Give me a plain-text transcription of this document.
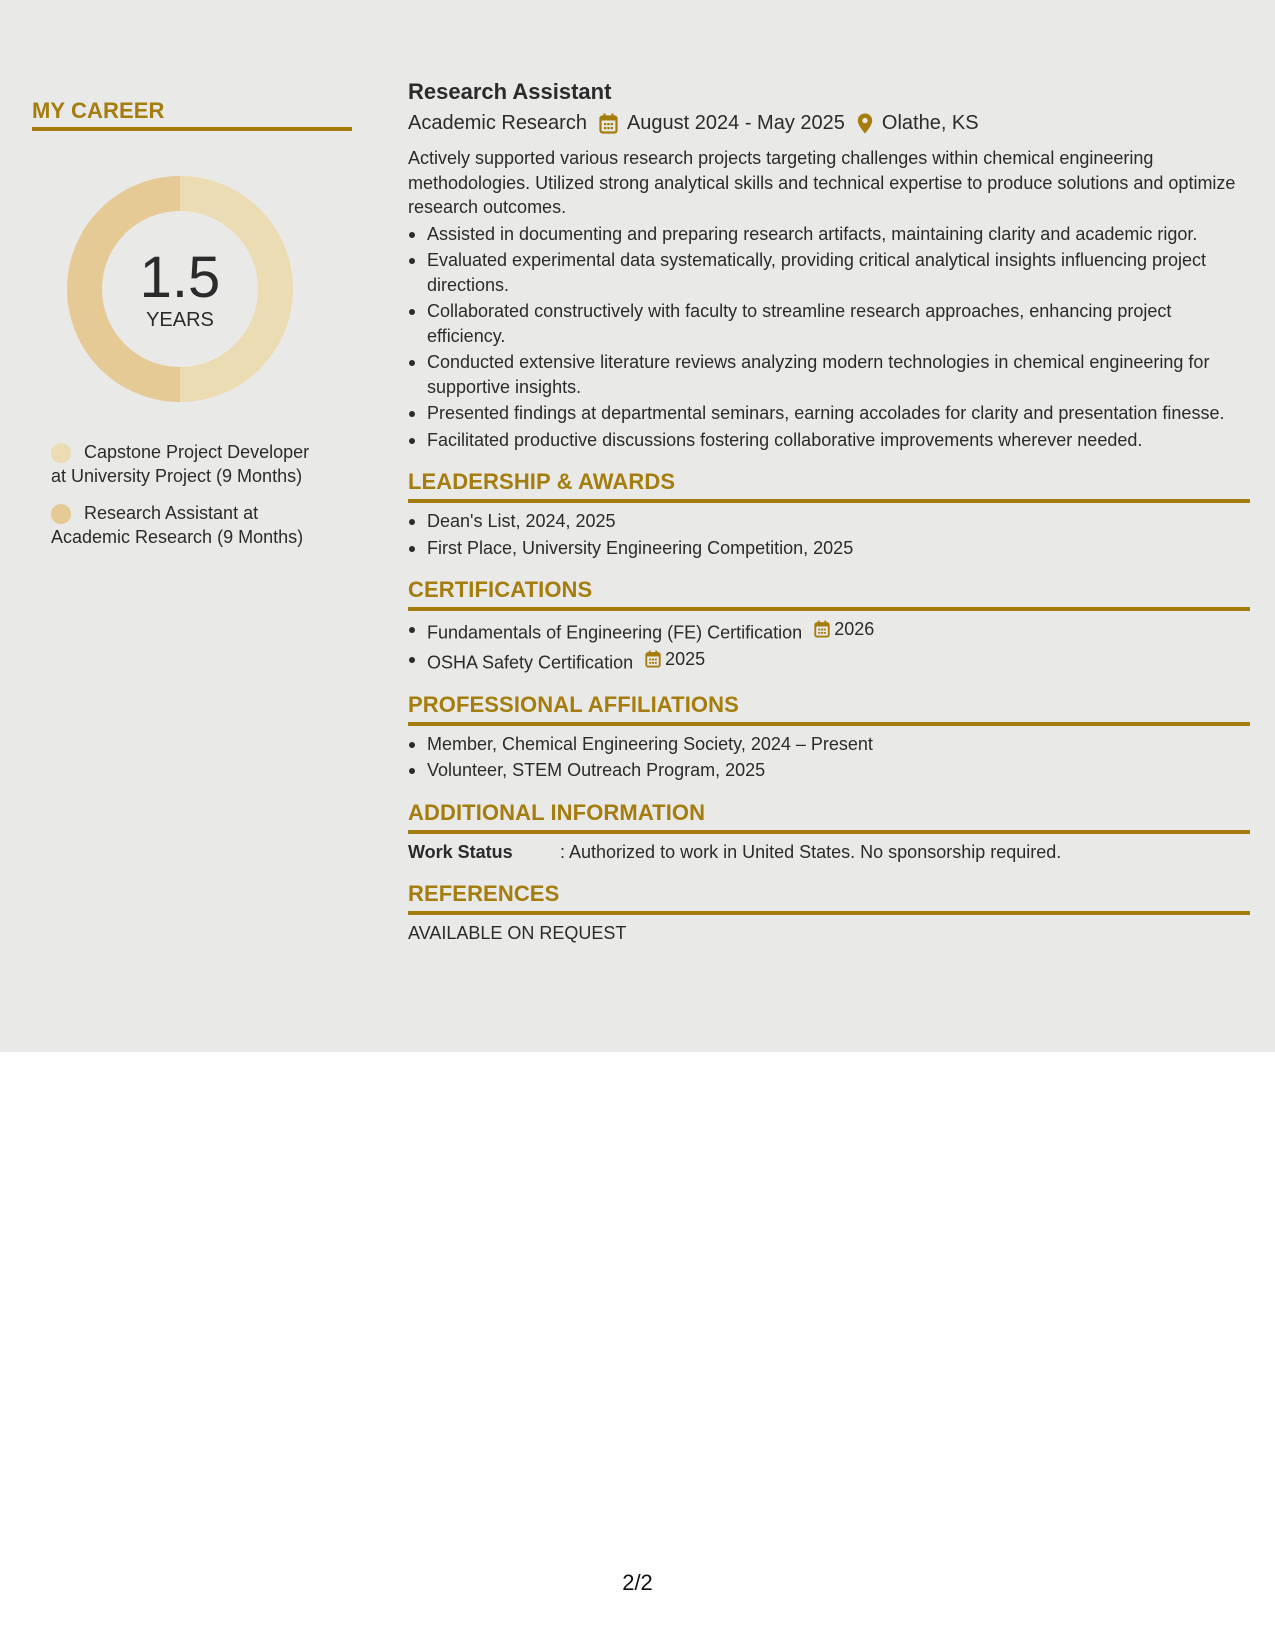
MY CAREER
1.5
YEARS
Capstone Project Developer at University Project (9 Months)
Research Assistant at Academic Research (9 Months)
Research Assistant
Academic Research August 2024 - May 2025 Olathe, KS
Actively supported various research projects targeting challenges within chemical engineering methodologies. Utilized strong analytical skills and technical expertise to produce solutions and optimize research outcomes.
Assisted in documenting and preparing research artifacts, maintaining clarity and academic rigor.
Evaluated experimental data systematically, providing critical analytical insights influencing project directions.
Collaborated constructively with faculty to streamline research approaches, enhancing project efficiency.
Conducted extensive literature reviews analyzing modern technologies in chemical engineering for supportive insights.
Presented findings at departmental seminars, earning accolades for clarity and presentation finesse.
Facilitated productive discussions fostering collaborative improvements wherever needed.
LEADERSHIP & AWARDS
Dean's List, 2024, 2025
First Place, University Engineering Competition, 2025
CERTIFICATIONS
Fundamentals of Engineering (FE) Certification 2026
OSHA Safety Certification 2025
PROFESSIONAL AFFILIATIONS
Member, Chemical Engineering Society, 2024 – Present
Volunteer, STEM Outreach Program, 2025
ADDITIONAL INFORMATION
Work Status	: Authorized to work in United States. No sponsorship required.
REFERENCES
AVAILABLE ON REQUEST
2/2
